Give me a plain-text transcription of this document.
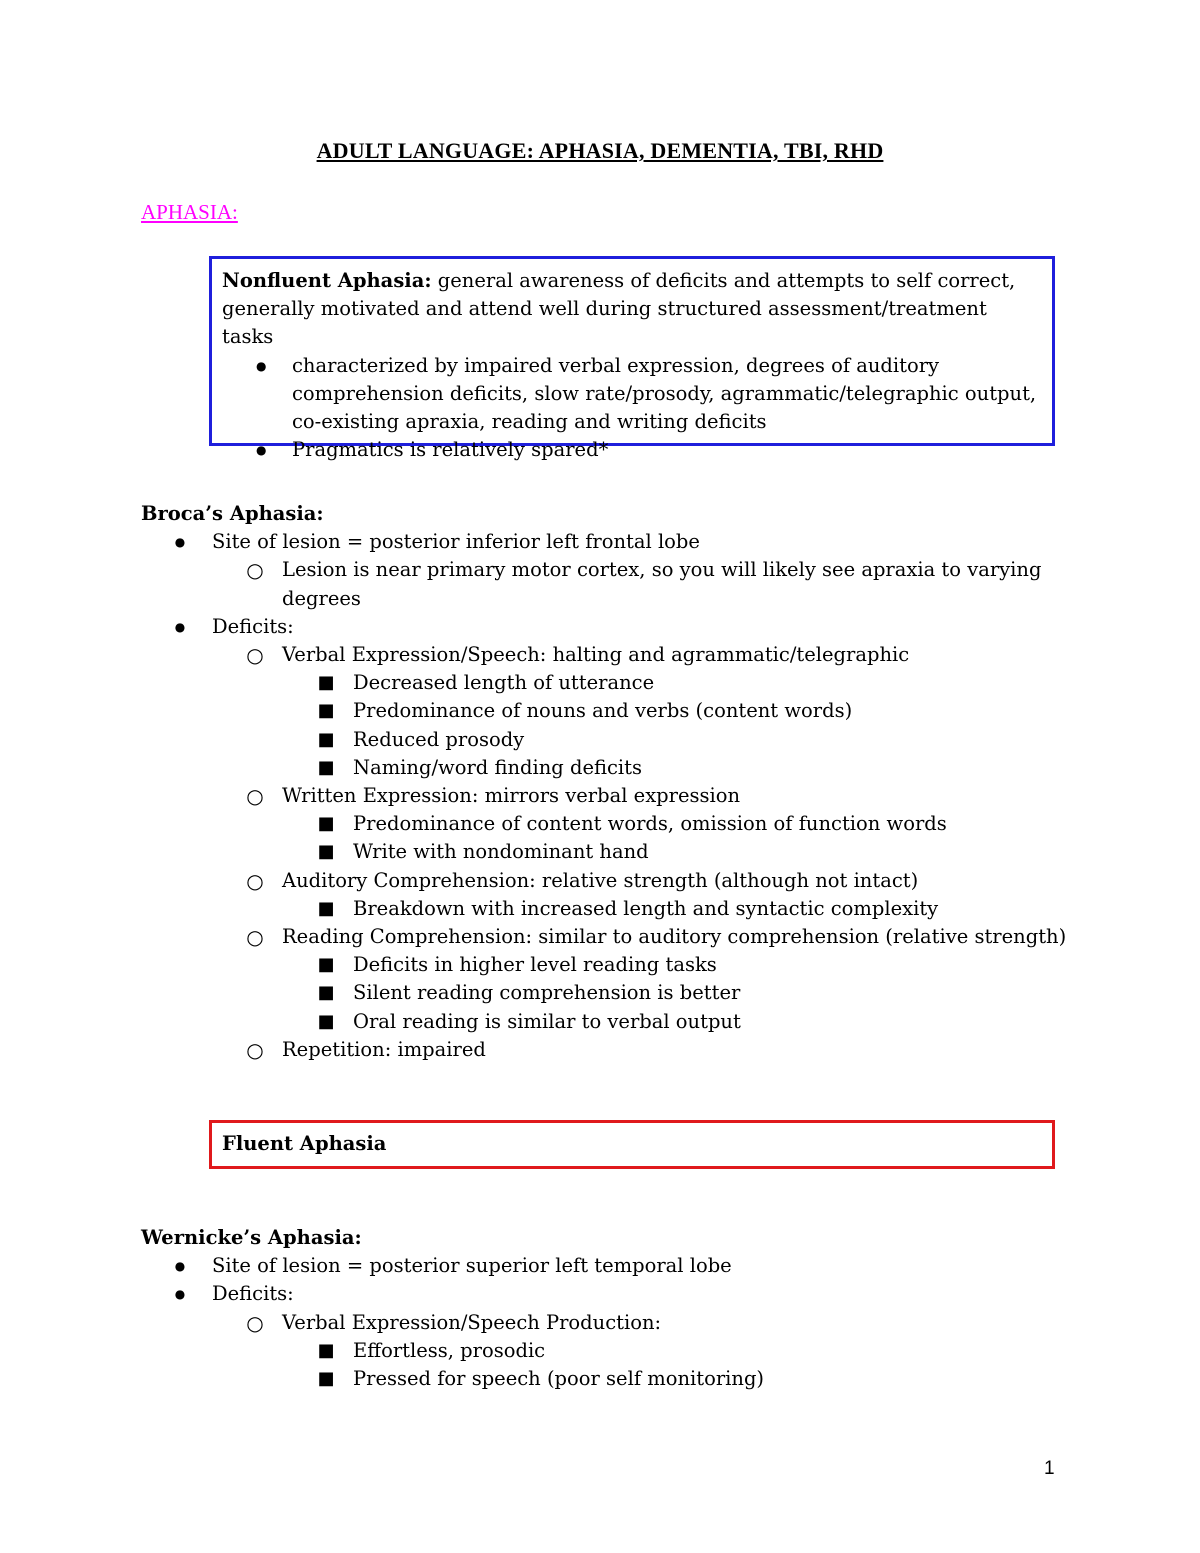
ADULT LANGUAGE: APHASIA, DEMENTIA, TBI, RHD
APHASIA:
Nonfluent Aphasia: general awareness of deficits and attempts to self correct, generally motivated and attend well during structured assessment/treatment tasks
● characterized by impaired verbal expression, degrees of auditory comprehension deficits, slow rate/prosody, agrammatic/telegraphic output, co-existing apraxia, reading and writing deficits
● Pragmatics is relatively spared*
Broca’s Aphasia:
● Site of lesion = posterior inferior left frontal lobe
○ Lesion is near primary motor cortex, so you will likely see apraxia to varying degrees
● Deficits:
○ Verbal Expression/Speech: halting and agrammatic/telegraphic
■ Decreased length of utterance
■ Predominance of nouns and verbs (content words)
■ Reduced prosody
■ Naming/word finding deficits
○ Written Expression: mirrors verbal expression
■ Predominance of content words, omission of function words
■ Write with nondominant hand
○ Auditory Comprehension: relative strength (although not intact)
■ Breakdown with increased length and syntactic complexity
○ Reading Comprehension: similar to auditory comprehension (relative strength)
■ Deficits in higher level reading tasks
■ Silent reading comprehension is better
■ Oral reading is similar to verbal output
○ Repetition: impaired
Fluent Aphasia
Wernicke’s Aphasia:
● Site of lesion = posterior superior left temporal lobe
● Deficits:
○ Verbal Expression/Speech Production:
■ Effortless, prosodic
■ Pressed for speech (poor self monitoring)
1
